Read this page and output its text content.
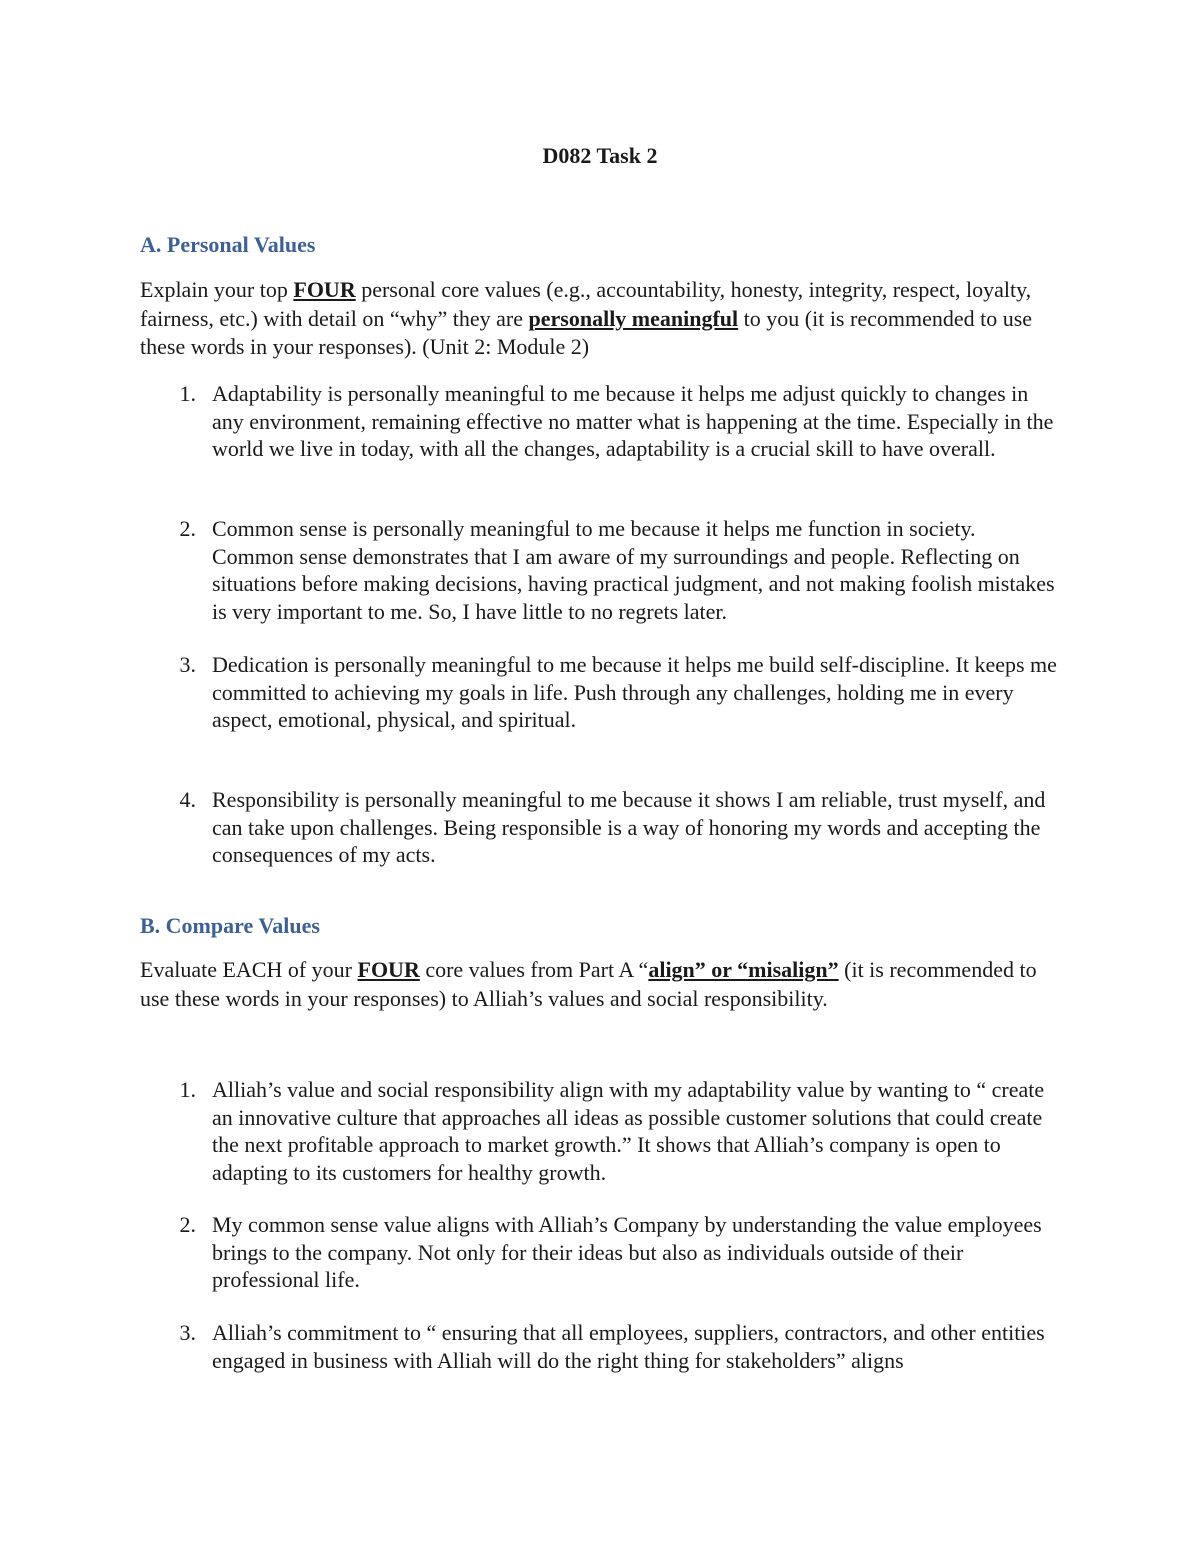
D082 Task 2
A. Personal Values

Explain your top FOUR personal core values (e.g., accountability, honesty, integrity, respect, loyalty, fairness, etc.) with detail on “why” they are personally meaningful to you (it is recommended to use these words in your responses). (Unit 2: Module 2)

1. Adaptability is personally meaningful to me because it helps me adjust quickly to changes in any environment, remaining effective no matter what is happening at the time. Especially in the world we live in today, with all the changes, adaptability is a crucial skill to have overall.
2. Common sense is personally meaningful to me because it helps me function in society. Common sense demonstrates that I am aware of my surroundings and people. Reflecting on situations before making decisions, having practical judgment, and not making foolish mistakes is very important to me. So, I have little to no regrets later.
3. Dedication is personally meaningful to me because it helps me build self-discipline. It keeps me committed to achieving my goals in life. Push through any challenges, holding me in every aspect, emotional, physical, and spiritual.
4. Responsibility is personally meaningful to me because it shows I am reliable, trust myself, and can take upon challenges. Being responsible is a way of honoring my words and accepting the consequences of my acts.
B. Compare Values

Evaluate EACH of your FOUR core values from Part A “align” or “misalign” (it is recommended to use these words in your responses) to Alliah’s values and social responsibility.

1. Alliah’s value and social responsibility align with my adaptability value by wanting to “ create an innovative culture that approaches all ideas as possible customer solutions that could create the next profitable approach to market growth.” It shows that Alliah’s company is open to adapting to its customers for healthy growth.
2. My common sense value aligns with Alliah’s Company by understanding the value employees brings to the company. Not only for their ideas but also as individuals outside of their professional life.
3. Alliah’s commitment to “ ensuring that all employees, suppliers, contractors, and other entities engaged in business with Alliah will do the right thing for stakeholders” aligns
